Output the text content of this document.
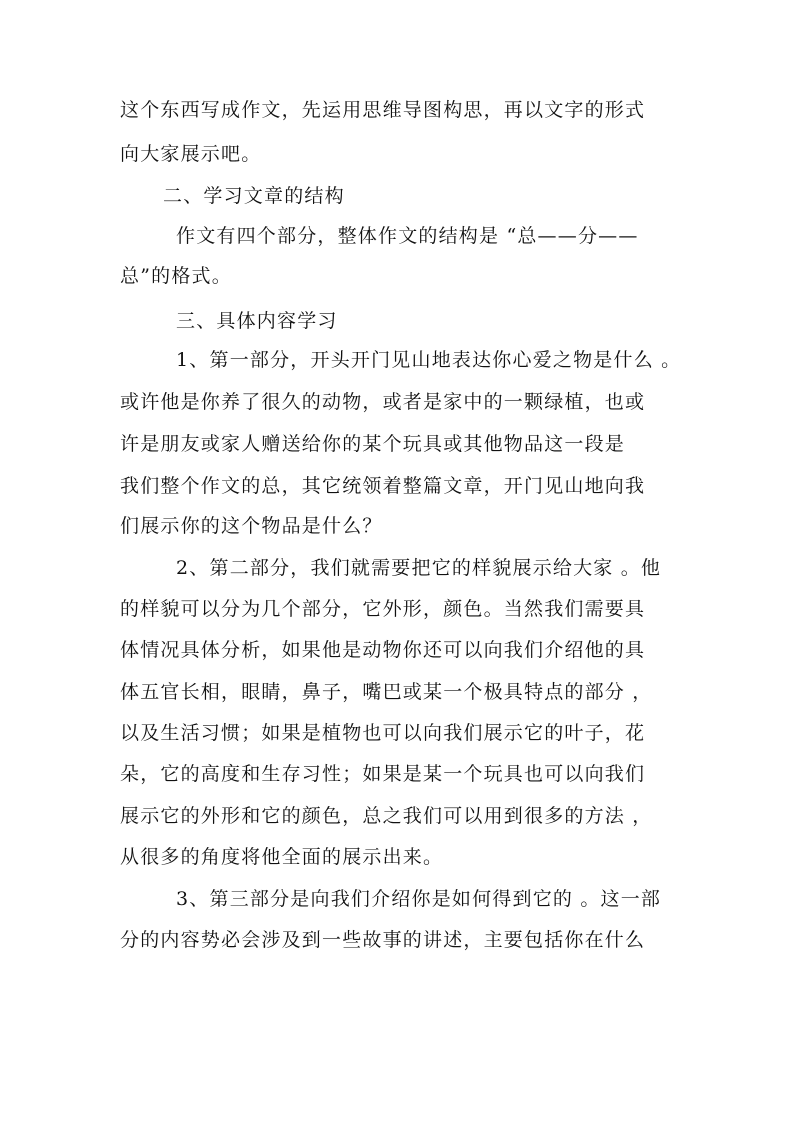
这个东西写成作文，先运用思维导图构思，再以文字的形式
向大家展示吧。
二、学习文章的结构
作文有四个部分，整体作文的结构是 “总——分——
总”的格式。
三、具体内容学习
1、第一部分，开头开门见山地表达你心爱之物是什么 。
或许他是你养了很久的动物，或者是家中的一颗绿植，也或
许是朋友或家人赠送给你的某个玩具或其他物品这一段是
我们整个作文的总，其它统领着整篇文章，开门见山地向我
们展示你的这个物品是什么？
2、第二部分，我们就需要把它的样貌展示给大家 。他
的样貌可以分为几个部分，它外形，颜色。当然我们需要具
体情况具体分析，如果他是动物你还可以向我们介绍他的具
体五官长相，眼睛，鼻子，嘴巴或某一个极具特点的部分 ，
以及生活习惯；如果是植物也可以向我们展示它的叶子，花
朵，它的高度和生存习性；如果是某一个玩具也可以向我们
展示它的外形和它的颜色，总之我们可以用到很多的方法 ，
从很多的角度将他全面的展示出来。
3、第三部分是向我们介绍你是如何得到它的 。这一部
分的内容势必会涉及到一些故事的讲述，主要包括你在什么
